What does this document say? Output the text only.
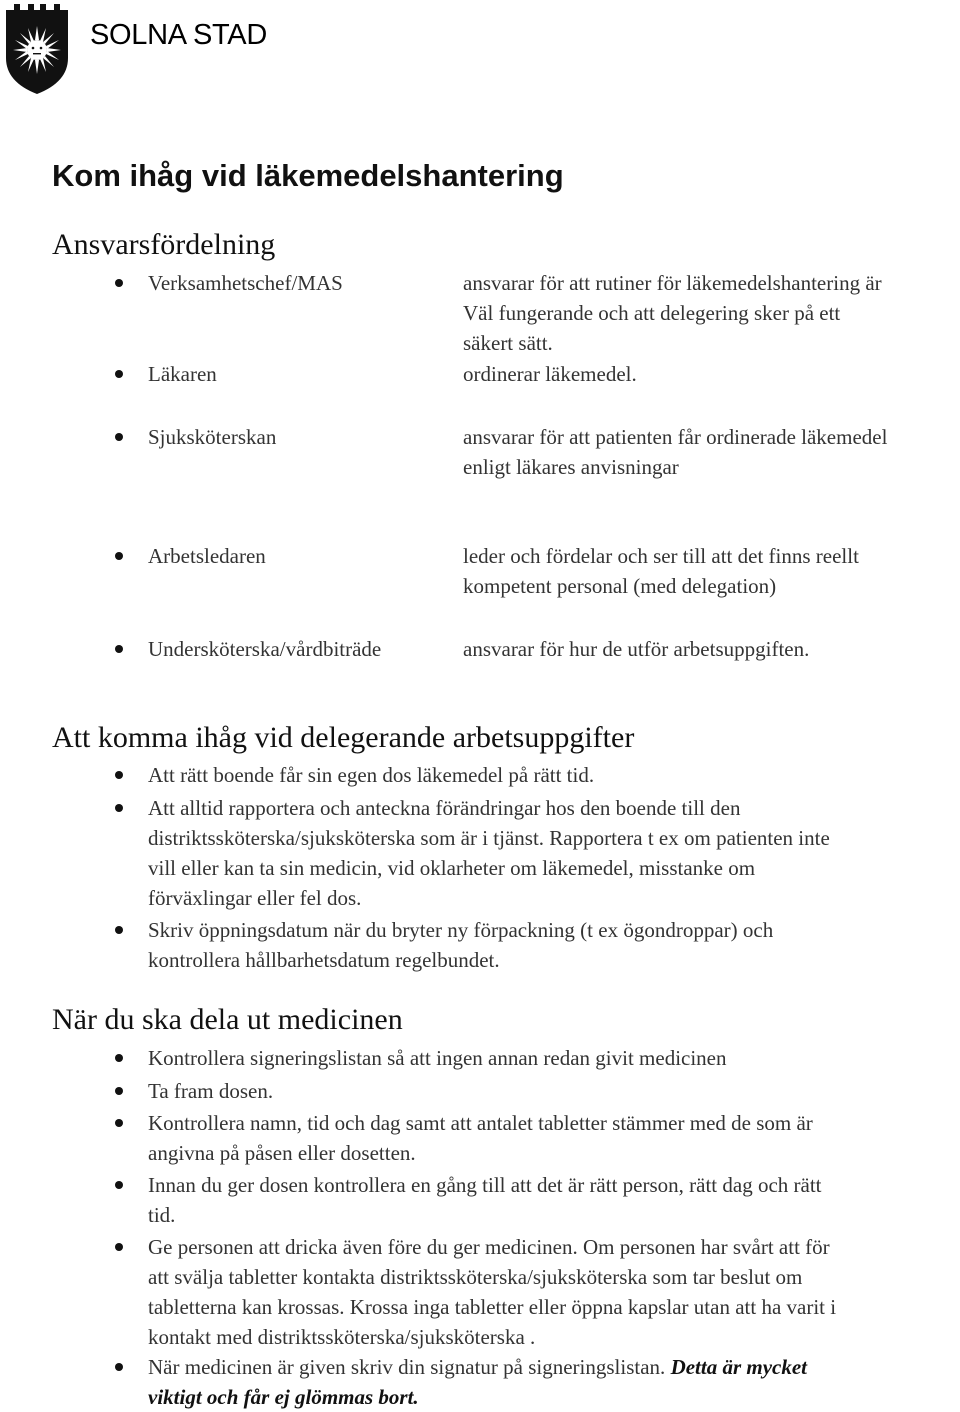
SOLNA STAD
Kom ihåg vid läkemedelshantering
Ansvarsfördelning
Verksamhetschef/MAS	ansvarar för att rutiner för läkemedelshantering är
Väl fungerande och att delegering sker på ett
säkert sätt.
Läkaren	ordinerar läkemedel.
Sjuksköterskan	ansvarar för att patienten får ordinerade läkemedel
enligt läkares anvisningar
Arbetsledaren	leder och fördelar och ser till att det finns reellt
kompetent personal (med delegation)
Undersköterska/vårdbiträde	ansvarar för hur de utför arbetsuppgiften.
Att komma ihåg vid delegerande arbetsuppgifter
Att rätt boende får sin egen dos läkemedel på rätt tid.
Att alltid rapportera och anteckna förändringar hos den boende till den
distriktssköterska/sjuksköterska som är i tjänst. Rapportera t ex om patienten inte
vill eller kan ta sin medicin, vid oklarheter om läkemedel, misstanke om
förväxlingar eller fel dos.
Skriv öppningsdatum när du bryter ny förpackning (t ex ögondroppar) och
kontrollera hållbarhetsdatum regelbundet.
När du ska dela ut medicinen
Kontrollera signeringslistan så att ingen annan redan givit medicinen
Ta fram dosen.
Kontrollera namn, tid och dag samt att antalet tabletter stämmer med de som är
angivna på påsen eller dosetten.
Innan du ger dosen kontrollera en gång till att det är rätt person, rätt dag och rätt
tid.
Ge personen att dricka även före du ger medicinen. Om personen har svårt att för
att svälja tabletter kontakta distriktssköterska/sjuksköterska som tar beslut om
tabletterna kan krossas. Krossa inga tabletter eller öppna kapslar utan att ha varit i
kontakt med distriktssköterska/sjuksköterska .
När medicinen är given skriv din signatur på signeringslistan. Detta är mycket
viktigt och får ej glömmas bort.
